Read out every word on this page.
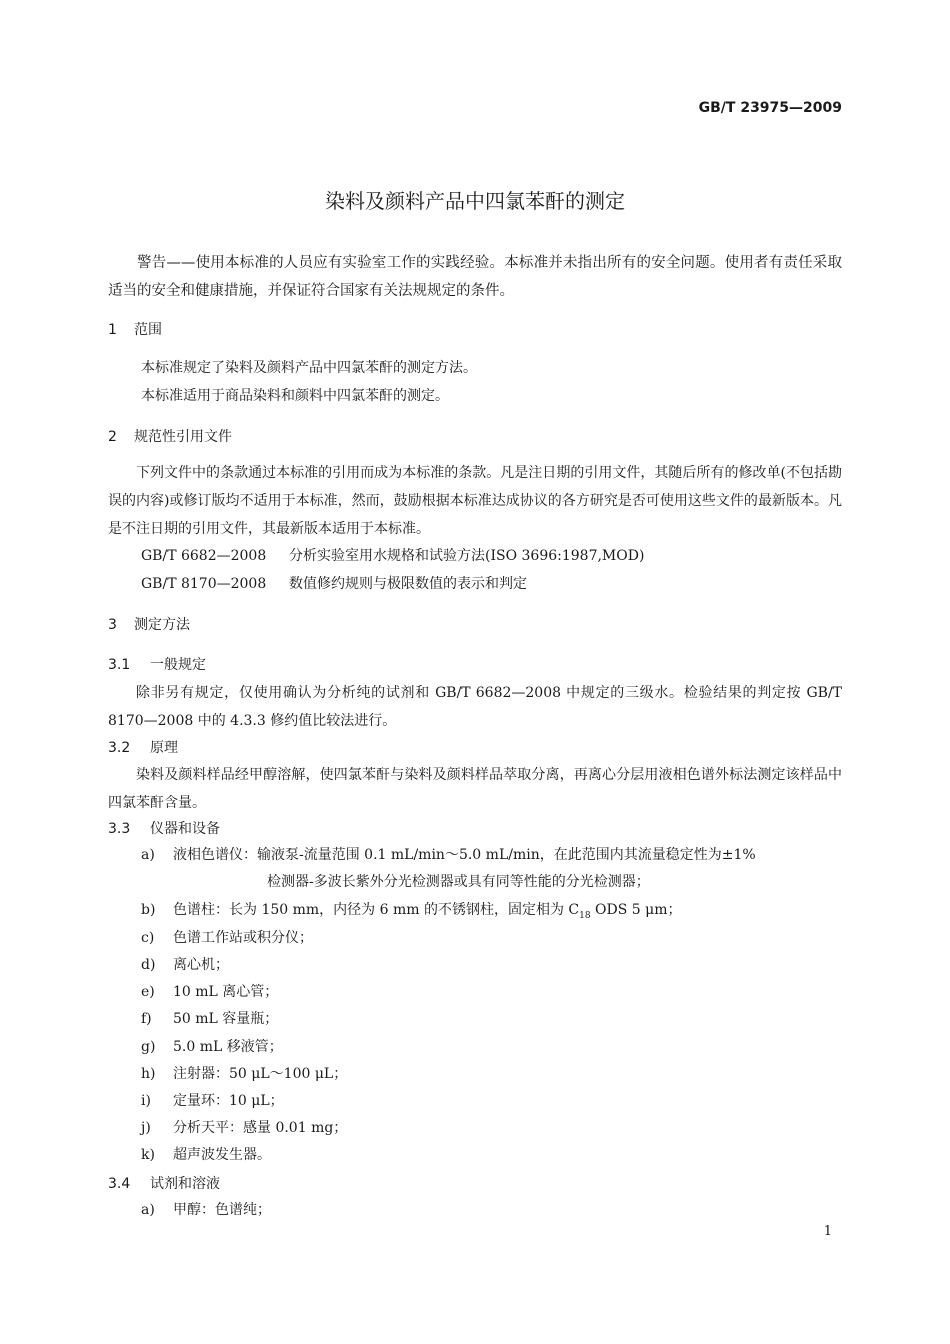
GB/T 23975—2009
染料及颜料产品中四氯苯酐的测定
警告——使用本标准的人员应有实验室工作的实践经验。本标准并未指出所有的安全问题。使用者有责任采取适当的安全和健康措施，并保证符合国家有关法规规定的条件。
1 范围
本标准规定了染料及颜料产品中四氯苯酐的测定方法。
本标准适用于商品染料和颜料中四氯苯酐的测定。
2 规范性引用文件
下列文件中的条款通过本标准的引用而成为本标准的条款。凡是注日期的引用文件，其随后所有的修改单(不包括勘误的内容)或修订版均不适用于本标准，然而，鼓励根据本标准达成协议的各方研究是否可使用这些文件的最新版本。凡是不注日期的引用文件，其最新版本适用于本标准。
GB/T 6682—2008 分析实验室用水规格和试验方法(ISO 3696:1987,MOD)
GB/T 8170—2008 数值修约规则与极限数值的表示和判定
3 测定方法
3.1 一般规定
除非另有规定，仅使用确认为分析纯的试剂和 GB/T 6682—2008 中规定的三级水。检验结果的判定按 GB/T 8170—2008 中的 4.3.3 修约值比较法进行。
3.2 原理
染料及颜料样品经甲醇溶解，使四氯苯酐与染料及颜料样品萃取分离，再离心分层用液相色谱外标法测定该样品中四氯苯酐含量。
3.3 仪器和设备
a) 液相色谱仪：输液泵-流量范围 0.1 mL/min～5.0 mL/min，在此范围内其流量稳定性为±1%
检测器-多波长紫外分光检测器或具有同等性能的分光检测器；
b) 色谱柱：长为 150 mm，内径为 6 mm 的不锈钢柱，固定相为 $C_{18}$ ODS 5 μm；
c) 色谱工作站或积分仪；
d) 离心机；
e) 10 mL 离心管；
f) 50 mL 容量瓶；
g) 5.0 mL 移液管；
h) 注射器：50 μL～100 μL；
i) 定量环：10 μL；
j) 分析天平：感量 0.01 mg；
k) 超声波发生器。
3.4 试剂和溶液
a) 甲醇：色谱纯；
1
